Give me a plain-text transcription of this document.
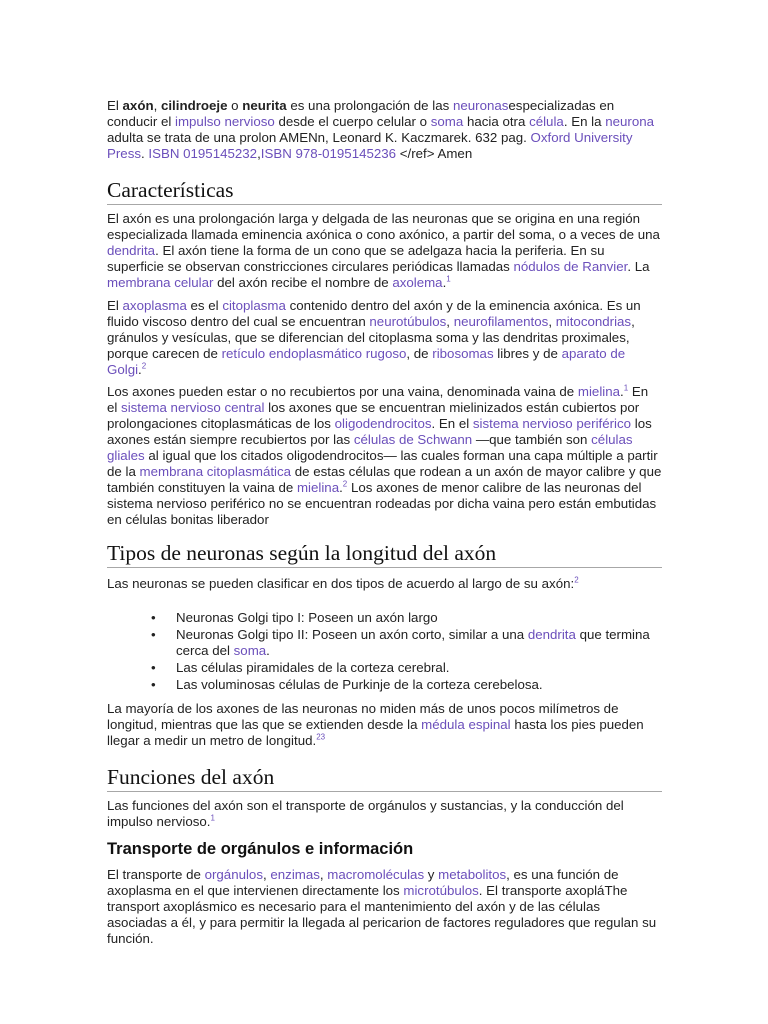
El axón, cilindroeje o neurita es una prolongación de las neuronasespecializadas en conducir el impulso nervioso desde el cuerpo celular o soma hacia otra célula. En la neurona adulta se trata de una prolon AMENn, Leonard K. Kaczmarek. 632 pag. Oxford University Press. ISBN 0195145232,ISBN 978-0195145236 </ref> Amen

Características

El axón es una prolongación larga y delgada de las neuronas que se origina en una región especializada llamada eminencia axónica o cono axónico, a partir del soma, o a veces de una dendrita. El axón tiene la forma de un cono que se adelgaza hacia la periferia. En su superficie se observan constricciones circulares periódicas llamadas nódulos de Ranvier. La membrana celular del axón recibe el nombre de axolema.$^1$

El axoplasma es el citoplasma contenido dentro del axón y de la eminencia axónica. Es un fluido viscoso dentro del cual se encuentran neurotúbulos, neurofilamentos, mitocondrias, gránulos y vesículas, que se diferencian del citoplasma soma y las dendritas proximales, porque carecen de retículo endoplasmático rugoso, de ribosomas libres y de aparato de Golgi.$^2$

Los axones pueden estar o no recubiertos por una vaina, denominada vaina de mielina.$^1$ En el sistema nervioso central los axones que se encuentran mielinizados están cubiertos por prolongaciones citoplasmáticas de los oligodendrocitos. En el sistema nervioso periférico los axones están siempre recubiertos por las células de Schwann —que también son células gliales al igual que los citados oligodendrocitos— las cuales forman una capa múltiple a partir de la membrana citoplasmática de estas células que rodean a un axón de mayor calibre y que también constituyen la vaina de mielina.$^2$ Los axones de menor calibre de las neuronas del sistema nervioso periférico no se encuentran rodeadas por dicha vaina pero están embutidas en células bonitas liberador

Tipos de neuronas según la longitud del axón

Las neuronas se pueden clasificar en dos tipos de acuerdo al largo de su axón:$^2$

• Neuronas Golgi tipo I: Poseen un axón largo
• Neuronas Golgi tipo II: Poseen un axón corto, similar a una dendrita que termina cerca del soma.
• Las células piramidales de la corteza cerebral.
• Las voluminosas células de Purkinje de la corteza cerebelosa.

La mayoría de los axones de las neuronas no miden más de unos pocos milímetros de longitud, mientras que las que se extienden desde la médula espinal hasta los pies pueden llegar a medir un metro de longitud.$^{23}$

Funciones del axón

Las funciones del axón son el transporte de orgánulos y sustancias, y la conducción del impulso nervioso.$^1$

Transporte de orgánulos e información

El transporte de orgánulos, enzimas, macromoléculas y metabolitos, es una función de axoplasma en el que intervienen directamente los microtúbulos. El transporte axopláThe transport axoplásmico es necesario para el mantenimiento del axón y de las células asociadas a él, y para permitir la llegada al pericarion de factores reguladores que regulan su función.
